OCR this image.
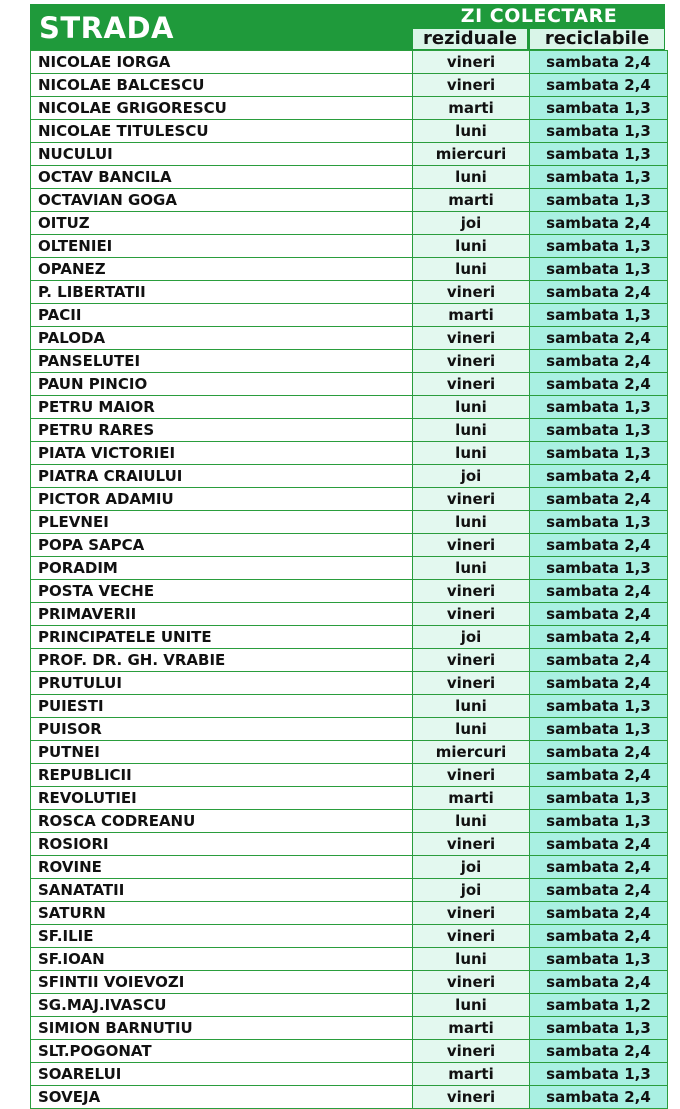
STRADA	ZI COLECTARE
reziduale	reciclabile
NICOLAE IORGA	vineri	sambata 2,4
NICOLAE BALCESCU	vineri	sambata 2,4
NICOLAE GRIGORESCU	marti	sambata 1,3
NICOLAE TITULESCU	luni	sambata 1,3
NUCULUI	miercuri	sambata 1,3
OCTAV BANCILA	luni	sambata 1,3
OCTAVIAN GOGA	marti	sambata 1,3
OITUZ	joi	sambata 2,4
OLTENIEI	luni	sambata 1,3
OPANEZ	luni	sambata 1,3
P. LIBERTATII	vineri	sambata 2,4
PACII	marti	sambata 1,3
PALODA	vineri	sambata 2,4
PANSELUTEI	vineri	sambata 2,4
PAUN PINCIO	vineri	sambata 2,4
PETRU MAIOR	luni	sambata 1,3
PETRU RARES	luni	sambata 1,3
PIATA VICTORIEI	luni	sambata 1,3
PIATRA CRAIULUI	joi	sambata 2,4
PICTOR ADAMIU	vineri	sambata 2,4
PLEVNEI	luni	sambata 1,3
POPA SAPCA	vineri	sambata 2,4
PORADIM	luni	sambata 1,3
POSTA VECHE	vineri	sambata 2,4
PRIMAVERII	vineri	sambata 2,4
PRINCIPATELE UNITE	joi	sambata 2,4
PROF. DR. GH. VRABIE	vineri	sambata 2,4
PRUTULUI	vineri	sambata 2,4
PUIESTI	luni	sambata 1,3
PUISOR	luni	sambata 1,3
PUTNEI	miercuri	sambata 2,4
REPUBLICII	vineri	sambata 2,4
REVOLUTIEI	marti	sambata 1,3
ROSCA CODREANU	luni	sambata 1,3
ROSIORI	vineri	sambata 2,4
ROVINE	joi	sambata 2,4
SANATATII	joi	sambata 2,4
SATURN	vineri	sambata 2,4
SF.ILIE	vineri	sambata 2,4
SF.IOAN	luni	sambata 1,3
SFINTII VOIEVOZI	vineri	sambata 2,4
SG.MAJ.IVASCU	luni	sambata 1,2
SIMION BARNUTIU	marti	sambata 1,3
SLT.POGONAT	vineri	sambata 2,4
SOARELUI	marti	sambata 1,3
SOVEJA	vineri	sambata 2,4
